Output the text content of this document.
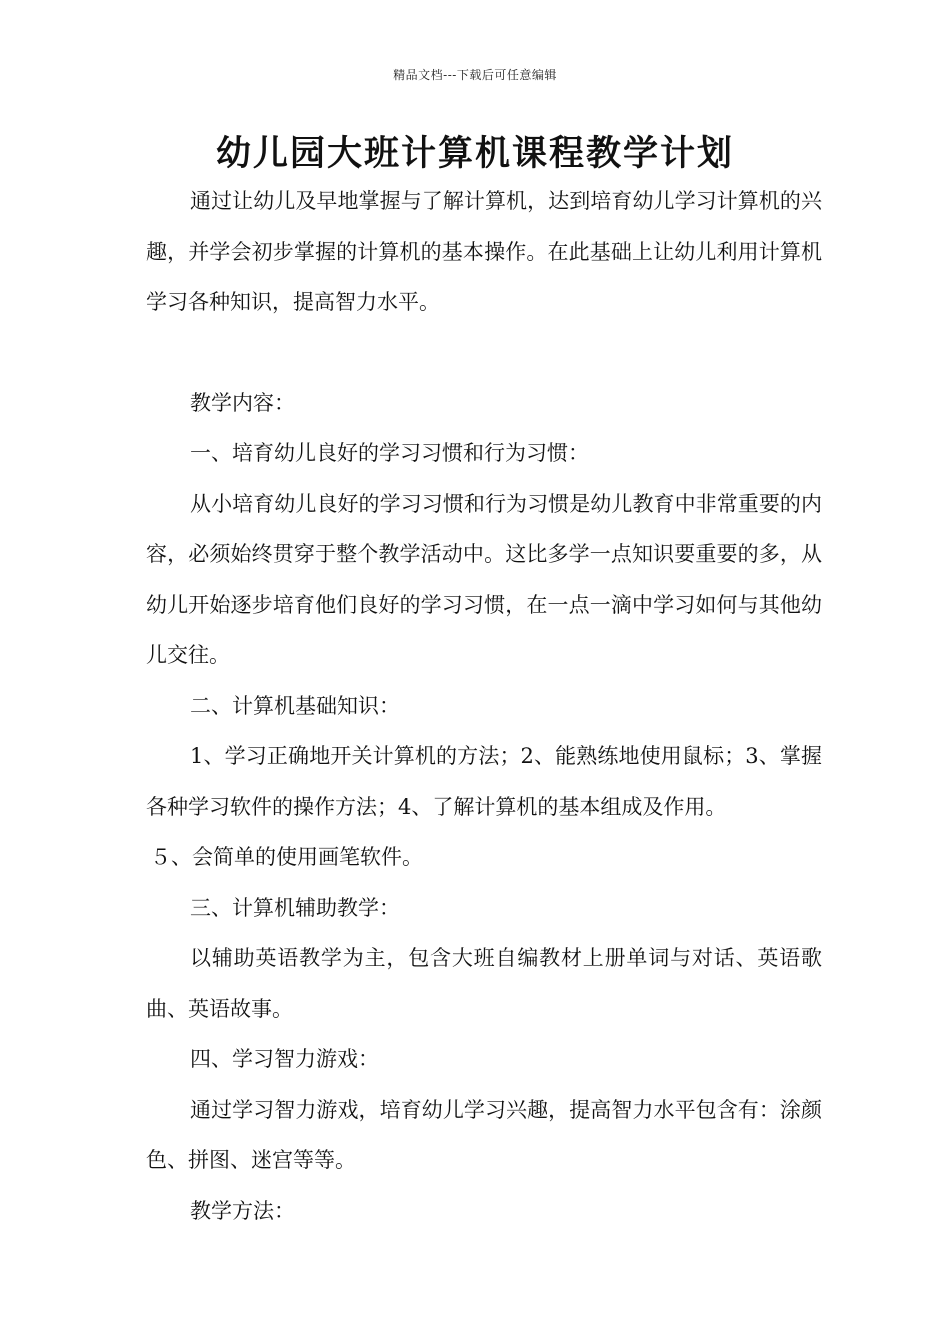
精品文档---下载后可任意编辑
幼儿园大班计算机课程教学计划

通过让幼儿及早地掌握与了解计算机，达到培育幼儿学习计算机的兴趣，并学会初步掌握的计算机的基本操作。在此基础上让幼儿利用计算机学习各种知识，提高智力水平。

教学内容：

一、培育幼儿良好的学习习惯和行为习惯：

从小培育幼儿良好的学习习惯和行为习惯是幼儿教育中非常重要的内容，必须始终贯穿于整个教学活动中。这比多学一点知识要重要的多，从幼儿开始逐步培育他们良好的学习习惯，在一点一滴中学习如何与其他幼儿交往。

二、计算机基础知识：

1、学习正确地开关计算机的方法；2、能熟练地使用鼠标；3、掌握各种学习软件的操作方法；4、了解计算机的基本组成及作用。

５、会简单的使用画笔软件。

三、计算机辅助教学：

以辅助英语教学为主，包含大班自编教材上册单词与对话、英语歌曲、英语故事。

四、学习智力游戏：

通过学习智力游戏，培育幼儿学习兴趣，提高智力水平包含有：涂颜色、拼图、迷宫等等。

教学方法：
